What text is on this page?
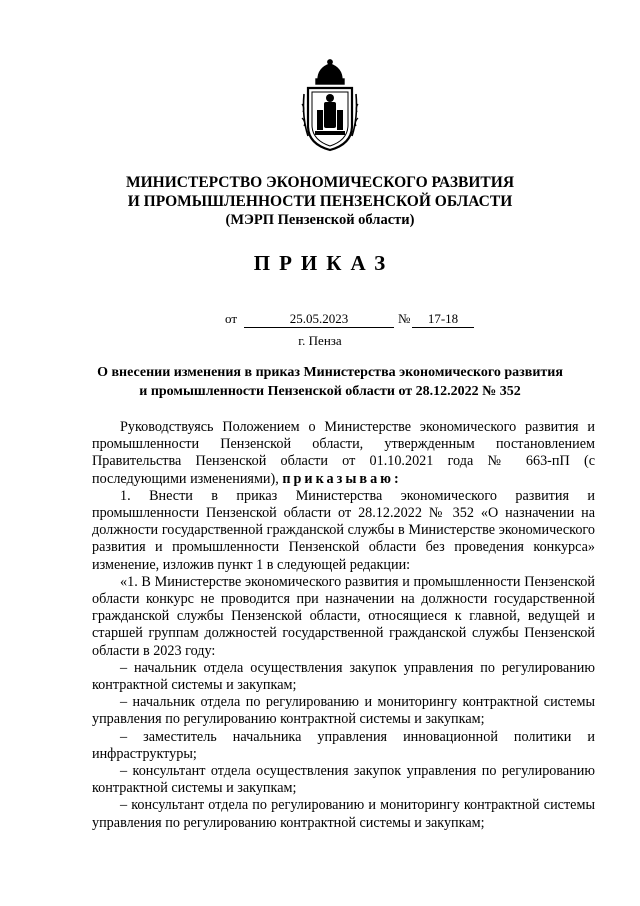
МИНИСТЕРСТВО ЭКОНОМИЧЕСКОГО РАЗВИТИЯ
И ПРОМЫШЛЕННОСТИ ПЕНЗЕНСКОЙ ОБЛАСТИ
(МЭРП Пензенской области)
ПРИКАЗ
от	25.05.2023	№	17-18
г. Пенза
О внесении изменения в приказ Министерства экономического развития
и промышленности Пензенской области от 28.12.2022 № 352

Руководствуясь Положением о Министерстве экономического развития и промышленности Пензенской области, утвержденным постановлением Правительства Пензенской области от 01.10.2021 года № 663-пП (с последующими изменениями), приказываю:

1. Внести в приказ Министерства экономического развития и промышленности Пензенской области от 28.12.2022 № 352 «О назначении на должности государственной гражданской службы в Министерстве экономического развития и промышленности Пензенской области без проведения конкурса» изменение, изложив пункт 1 в следующей редакции:

«1. В Министерстве экономического развития и промышленности Пензенской области конкурс не проводится при назначении на должности государственной гражданской службы Пензенской области, относящиеся к главной, ведущей и старшей группам должностей государственной гражданской службы Пензенской области в 2023 году:

– начальник отдела осуществления закупок управления по регулированию контрактной системы и закупкам;

– начальник отдела по регулированию и мониторингу контрактной системы управления по регулированию контрактной системы и закупкам;

– заместитель начальника управления инновационной политики и инфраструктуры;

– консультант отдела осуществления закупок управления по регулированию контрактной системы и закупкам;

– консультант отдела по регулированию и мониторингу контрактной системы управления по регулированию контрактной системы и закупкам;
